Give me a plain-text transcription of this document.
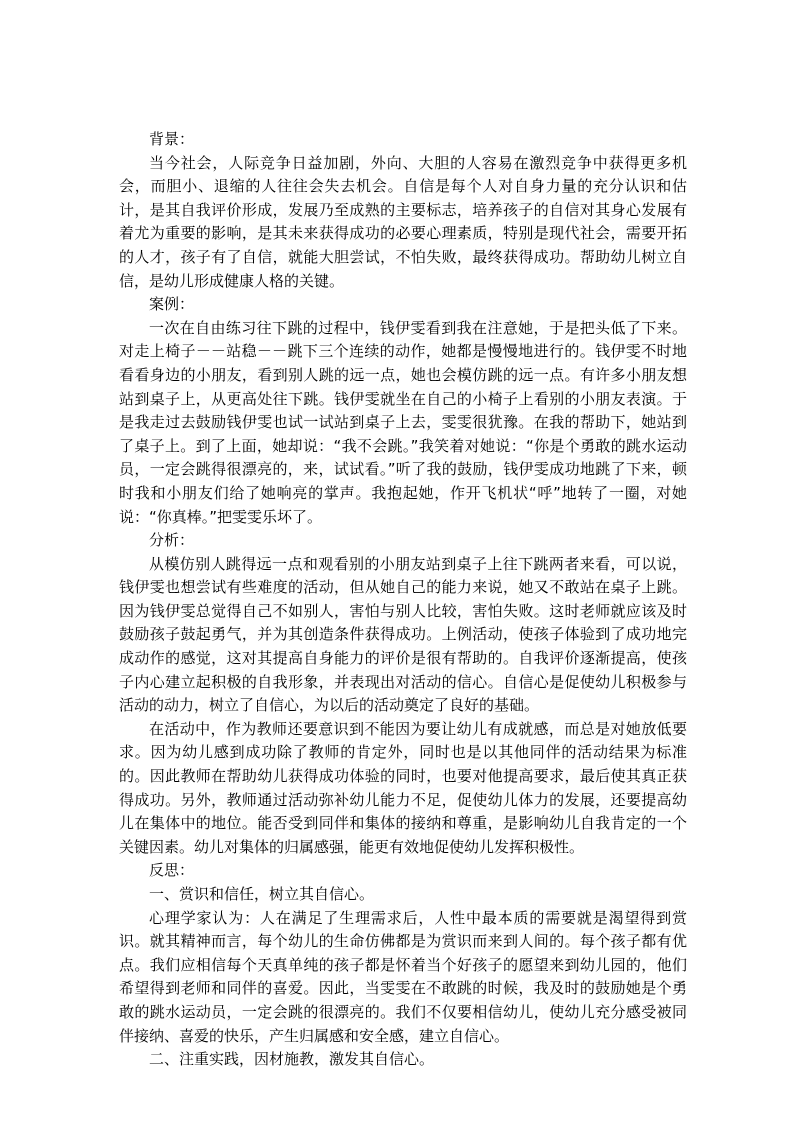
背景：

当今社会，人际竞争日益加剧，外向、大胆的人容易在激烈竞争中获得更多机会，而胆小、退缩的人往往会失去机会。自信是每个人对自身力量的充分认识和估计，是其自我评价形成，发展乃至成熟的主要标志，培养孩子的自信对其身心发展有着尤为重要的影响，是其未来获得成功的必要心理素质，特别是现代社会，需要开拓的人才，孩子有了自信，就能大胆尝试，不怕失败，最终获得成功。帮助幼儿树立自信，是幼儿形成健康人格的关键。

案例：

一次在自由练习往下跳的过程中，钱伊雯看到我在注意她，于是把头低了下来。对走上椅子－－站稳－－跳下三个连续的动作，她都是慢慢地进行的。钱伊雯不时地看看身边的小朋友，看到别人跳的远一点，她也会模仿跳的远一点。有许多小朋友想站到桌子上，从更高处往下跳。钱伊雯就坐在自己的小椅子上看别的小朋友表演。于是我走过去鼓励钱伊雯也试一试站到桌子上去，雯雯很犹豫。在我的帮助下，她站到了桌子上。到了上面，她却说：“我不会跳。”我笑着对她说：“你是个勇敢的跳水运动员，一定会跳得很漂亮的，来，试试看。”听了我的鼓励，钱伊雯成功地跳了下来，顿时我和小朋友们给了她响亮的掌声。我抱起她，作开飞机状“呼”地转了一圈，对她说：“你真棒。”把雯雯乐坏了。

分析：

从模仿别人跳得远一点和观看别的小朋友站到桌子上往下跳两者来看，可以说，钱伊雯也想尝试有些难度的活动，但从她自己的能力来说，她又不敢站在桌子上跳。因为钱伊雯总觉得自己不如别人，害怕与别人比较，害怕失败。这时老师就应该及时鼓励孩子鼓起勇气，并为其创造条件获得成功。上例活动，使孩子体验到了成功地完成动作的感觉，这对其提高自身能力的评价是很有帮助的。自我评价逐渐提高，使孩子内心建立起积极的自我形象，并表现出对活动的信心。自信心是促使幼儿积极参与活动的动力，树立了自信心，为以后的活动奠定了良好的基础。

在活动中，作为教师还要意识到不能因为要让幼儿有成就感，而总是对她放低要求。因为幼儿感到成功除了教师的肯定外，同时也是以其他同伴的活动结果为标准的。因此教师在帮助幼儿获得成功体验的同时，也要对他提高要求，最后使其真正获得成功。另外，教师通过活动弥补幼儿能力不足，促使幼儿体力的发展，还要提高幼儿在集体中的地位。能否受到同伴和集体的接纳和尊重，是影响幼儿自我肯定的一个关键因素。幼儿对集体的归属感强，能更有效地促使幼儿发挥积极性。

反思：

一、赏识和信任，树立其自信心。

心理学家认为：人在满足了生理需求后，人性中最本质的需要就是渴望得到赏识。就其精神而言，每个幼儿的生命仿佛都是为赏识而来到人间的。每个孩子都有优点。我们应相信每个天真单纯的孩子都是怀着当个好孩子的愿望来到幼儿园的，他们希望得到老师和同伴的喜爱。因此，当雯雯在不敢跳的时候，我及时的鼓励她是个勇敢的跳水运动员，一定会跳的很漂亮的。我们不仅要相信幼儿，使幼儿充分感受被同伴接纳、喜爱的快乐，产生归属感和安全感，建立自信心。

二、注重实践，因材施教，激发其自信心。
